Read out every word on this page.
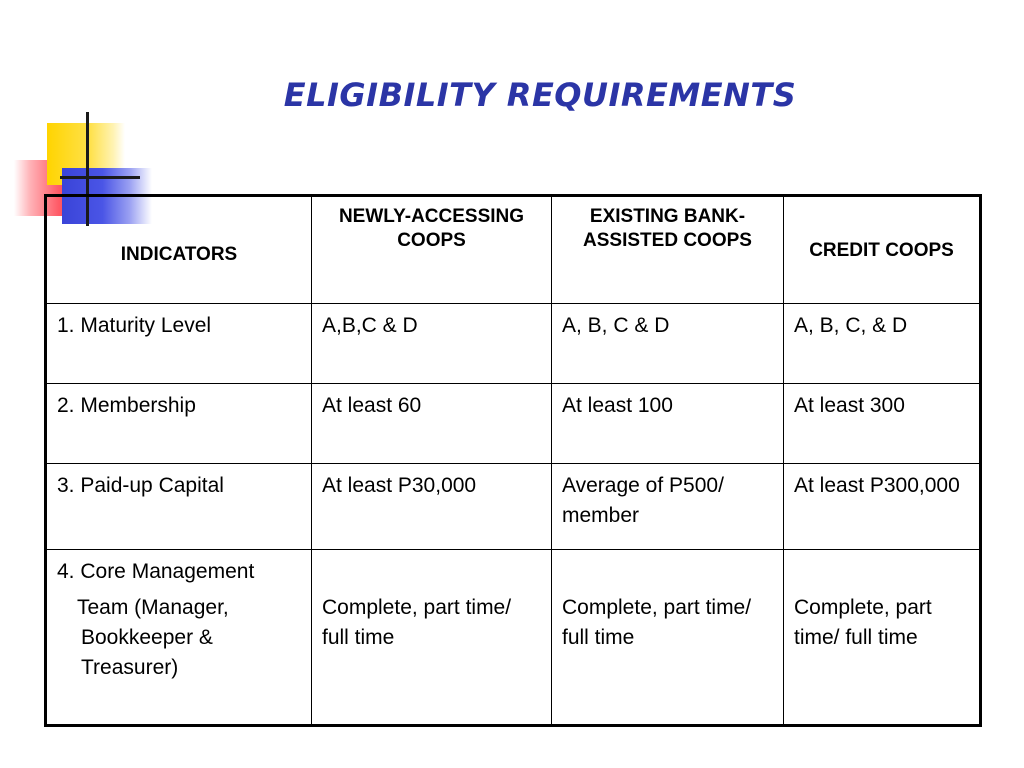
ELIGIBILITY REQUIREMENTS
INDICATORS	NEWLY-ACCESSING COOPS	EXISTING BANK-ASSISTED COOPS	CREDIT COOPS
1. Maturity Level	A,B,C & D	A, B, C & D	A, B, C, & D
2. Membership	At least 60	At least 100	At least 300
3. Paid-up Capital	At least P30,000	Average of P500/ member	At least P300,000

4. Core Management
Team (Manager, Bookkeeper & Treasurer)	Complete, part time/ full time	Complete, part time/ full time	Complete, part time/ full time
